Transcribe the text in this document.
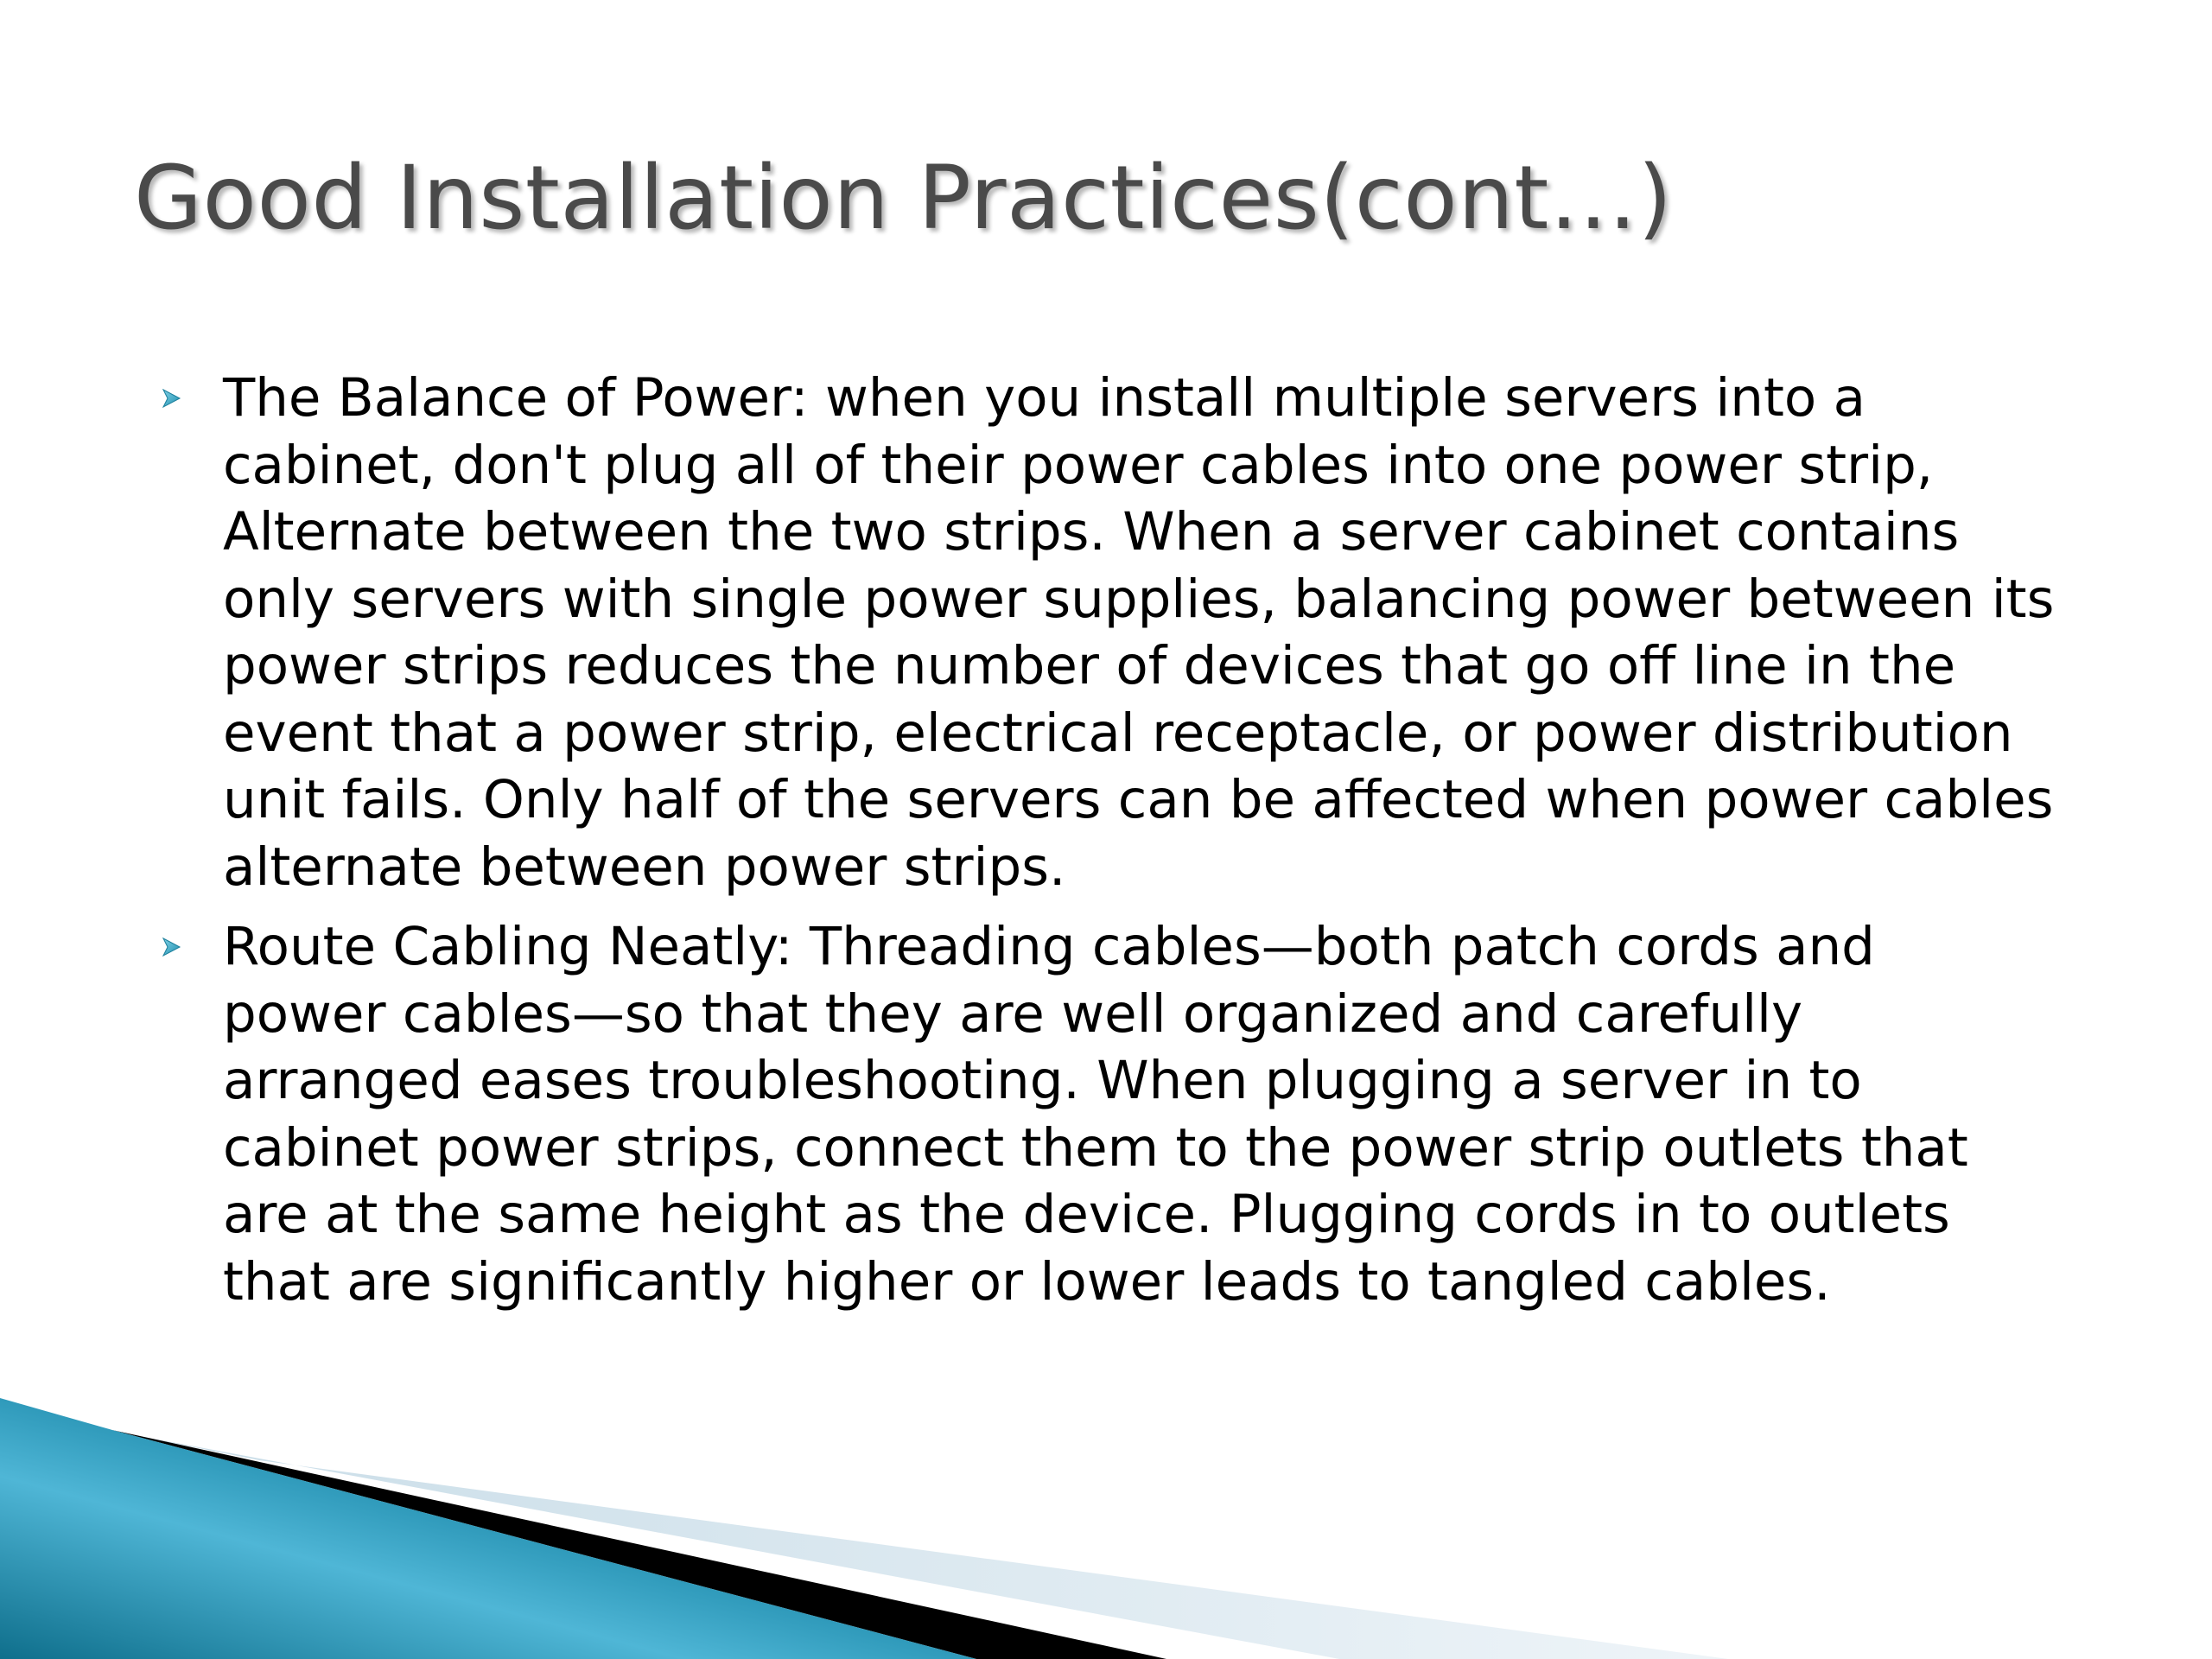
Good Installation Practices(cont…)
The Balance of Power: when you install multiple servers into a
cabinet, don't plug all of their power cables into one power strip,
Alternate between the two strips. When a server cabinet contains
only servers with single power supplies, balancing power between its
power strips reduces the number of devices that go off line in the
event that a power strip, electrical receptacle, or power distribution
unit fails. Only half of the servers can be affected when power cables
alternate between power strips.
Route Cabling Neatly: Threading cables—both patch cords and
power cables—so that they are well organized and carefully
arranged eases troubleshooting. When plugging a server in to
cabinet power strips, connect them to the power strip outlets that
are at the same height as the device. Plugging cords in to outlets
that are significantly higher or lower leads to tangled cables.
